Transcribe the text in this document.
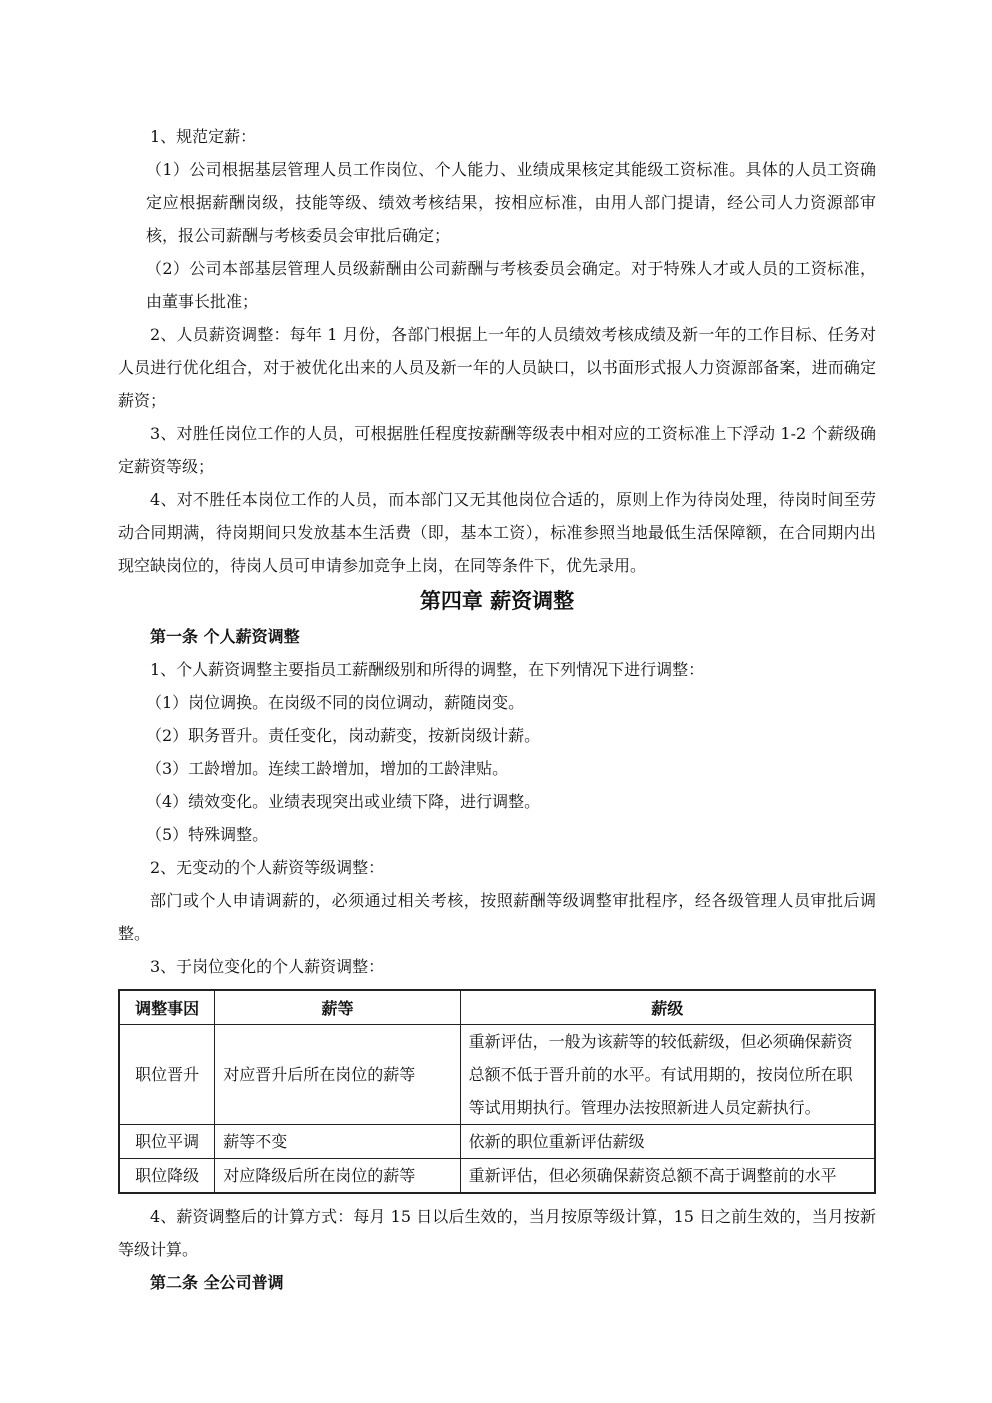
1、规范定薪：

（1）公司根据基层管理人员工作岗位、个人能力、业绩成果核定其能级工资标准。具体的人员工资确定应根据薪酬岗级，技能等级、绩效考核结果，按相应标准，由用人部门提请，经公司人力资源部审核，报公司薪酬与考核委员会审批后确定；

（2）公司本部基层管理人员级薪酬由公司薪酬与考核委员会确定。对于特殊人才或人员的工资标准，由董事长批准；

2、人员薪资调整：每年 1 月份，各部门根据上一年的人员绩效考核成绩及新一年的工作目标、任务对人员进行优化组合，对于被优化出来的人员及新一年的人员缺口，以书面形式报人力资源部备案，进而确定薪资；

3、对胜任岗位工作的人员，可根据胜任程度按薪酬等级表中相对应的工资标准上下浮动 1-2 个薪级确定薪资等级；

4、对不胜任本岗位工作的人员，而本部门又无其他岗位合适的，原则上作为待岗处理，待岗时间至劳动合同期满，待岗期间只发放基本生活费（即，基本工资），标准参照当地最低生活保障额，在合同期内出现空缺岗位的，待岗人员可申请参加竞争上岗，在同等条件下，优先录用。

第四章 薪资调整

第一条 个人薪资调整

1、个人薪资调整主要指员工薪酬级别和所得的调整，在下列情况下进行调整：

（1）岗位调换。在岗级不同的岗位调动，薪随岗变。

（2）职务晋升。责任变化，岗动薪变，按新岗级计薪。

（3）工龄增加。连续工龄增加，增加的工龄津贴。

（4）绩效变化。业绩表现突出或业绩下降，进行调整。

（5）特殊调整。

2、无变动的个人薪资等级调整：

部门或个人申请调薪的，必须通过相关考核，按照薪酬等级调整审批程序，经各级管理人员审批后调整。

3、于岗位变化的个人薪资调整：

调整事因	薪等	薪级
职位晋升	对应晋升后所在岗位的薪等	重新评估，一般为该薪等的较低薪级，但必须确保薪资总额不低于晋升前的水平。有试用期的，按岗位所在职等试用期执行。管理办法按照新进人员定薪执行。
职位平调	薪等不变	依新的职位重新评估薪级
职位降级	对应降级后所在岗位的薪等	重新评估，但必须确保薪资总额不高于调整前的水平

4、薪资调整后的计算方式：每月 15 日以后生效的，当月按原等级计算，15 日之前生效的，当月按新等级计算。

第二条 全公司普调
